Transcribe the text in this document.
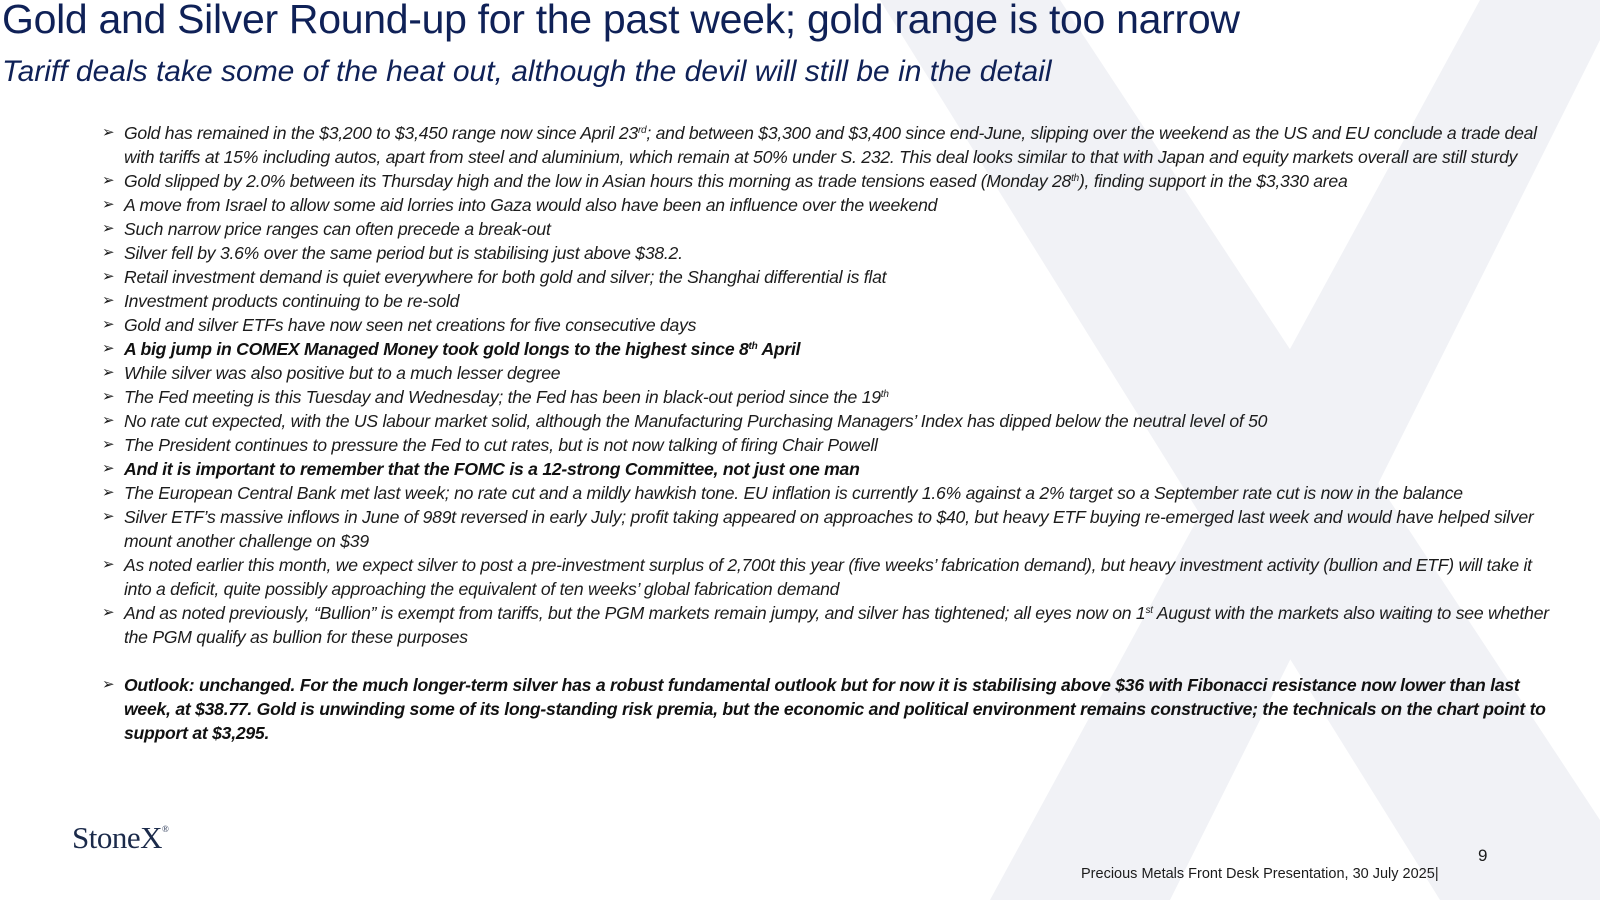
Gold and Silver Round-up for the past week; gold range is too narrow
Tariff deals take some of the heat out, although the devil will still be in the detail
➢ Gold has remained in the $3,200 to $3,450 range now since April 23rd; and between $3,300 and $3,400 since end-June, slipping over the weekend as the US and EU conclude a trade deal with tariffs at 15% including autos, apart from steel and aluminium, which remain at 50% under S. 232. This deal looks similar to that with Japan and equity markets overall are still sturdy
➢ Gold slipped by 2.0% between its Thursday high and the low in Asian hours this morning as trade tensions eased (Monday 28th), finding support in the $3,330 area
➢ A move from Israel to allow some aid lorries into Gaza would also have been an influence over the weekend
➢ Such narrow price ranges can often precede a break-out
➢ Silver fell by 3.6% over the same period but is stabilising just above $38.2.
➢ Retail investment demand is quiet everywhere for both gold and silver; the Shanghai differential is flat
➢ Investment products continuing to be re-sold
➢ Gold and silver ETFs have now seen net creations for five consecutive days
➢ A big jump in COMEX Managed Money took gold longs to the highest since 8th April
➢ While silver was also positive but to a much lesser degree
➢ The Fed meeting is this Tuesday and Wednesday; the Fed has been in black-out period since the 19th
➢ No rate cut expected, with the US labour market solid, although the Manufacturing Purchasing Managers’ Index has dipped below the neutral level of 50
➢ The President continues to pressure the Fed to cut rates, but is not now talking of firing Chair Powell
➢ And it is important to remember that the FOMC is a 12-strong Committee, not just one man
➢ The European Central Bank met last week; no rate cut and a mildly hawkish tone. EU inflation is currently 1.6% against a 2% target so a September rate cut is now in the balance
➢ Silver ETF’s massive inflows in June of 989t reversed in early July; profit taking appeared on approaches to $40, but heavy ETF buying re-emerged last week and would have helped silver mount another challenge on $39
➢ As noted earlier this month, we expect silver to post a pre-investment surplus of 2,700t this year (five weeks’ fabrication demand), but heavy investment activity (bullion and ETF) will take it into a deficit, quite possibly approaching the equivalent of ten weeks’ global fabrication demand
➢ And as noted previously, “Bullion” is exempt from tariffs, but the PGM markets remain jumpy, and silver has tightened; all eyes now on 1st August with the markets also waiting to see whether the PGM qualify as bullion for these purposes
➢ Outlook: unchanged. For the much longer-term silver has a robust fundamental outlook but for now it is stabilising above $36 with Fibonacci resistance now lower than last week, at $38.77. Gold is unwinding some of its long-standing risk premia, but the economic and political environment remains constructive; the technicals on the chart point to support at $3,295.
StoneX®
9
Precious Metals Front Desk Presentation, 30 July 2025|
